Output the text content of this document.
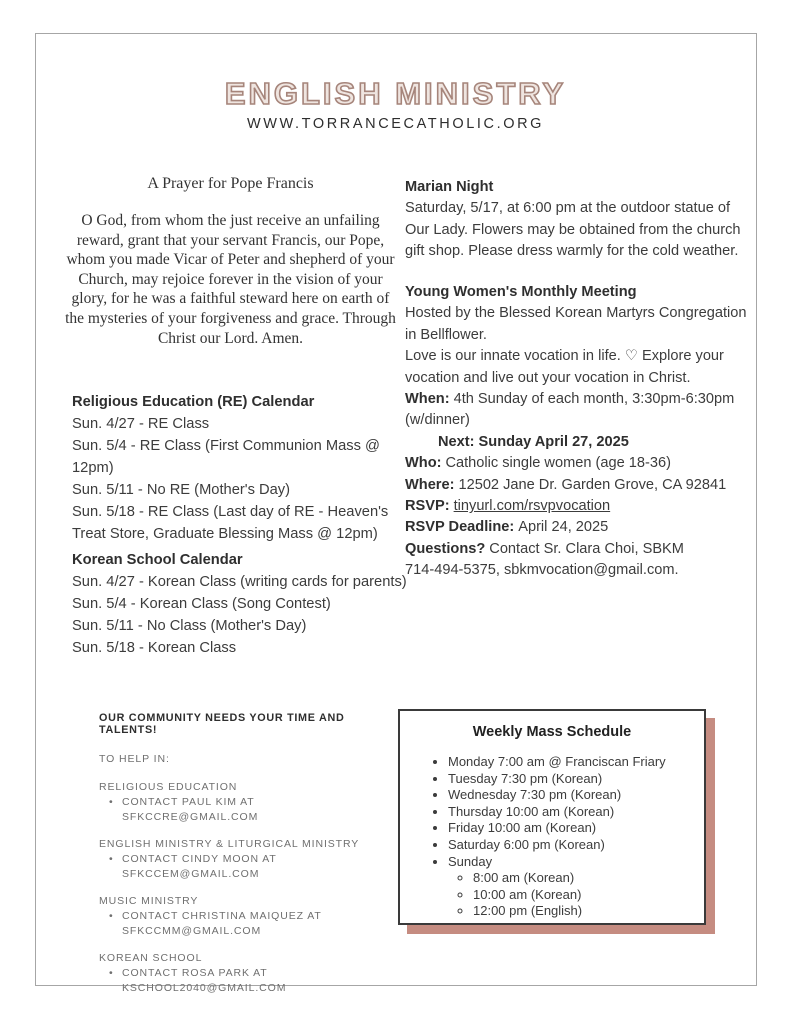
ENGLISH MINISTRY
WWW.TORRANCECATHOLIC.ORG
A Prayer for Pope Francis
O God, from whom the just receive an unfailing reward, grant that your servant Francis, our Pope, whom you made Vicar of Peter and shepherd of your Church, may rejoice forever in the vision of your glory, for he was a faithful steward here on earth of the mysteries of your forgiveness and grace. Through Christ our Lord. Amen.
Religious Education (RE) Calendar
Sun. 4/27 - RE Class
Sun. 5/4 - RE Class (First Communion Mass @ 12pm)
Sun. 5/11 - No RE (Mother's Day)
Sun. 5/18 - RE Class (Last day of RE - Heaven's Treat Store, Graduate Blessing Mass @ 12pm)
Korean School Calendar
Sun. 4/27 - Korean Class (writing cards for parents)
Sun. 5/4 - Korean Class (Song Contest)
Sun. 5/11 - No Class (Mother's Day)
Sun. 5/18 - Korean Class
OUR COMMUNITY NEEDS YOUR TIME AND TALENTS!
TO HELP IN:
RELIGIOUS EDUCATION
• CONTACT PAUL KIM AT SFKCCRE@GMAIL.COM
ENGLISH MINISTRY & LITURGICAL MINISTRY
• CONTACT CINDY MOON AT SFKCCEM@GMAIL.COM
MUSIC MINISTRY
• CONTACT CHRISTINA MAIQUEZ AT
SFKCCMM@GMAIL.COM
KOREAN SCHOOL
• CONTACT ROSA PARK AT
KSCHOOL2040@GMAIL.COM
Marian Night
Saturday, 5/17, at 6:00 pm at the outdoor statue of Our Lady. Flowers may be obtained from the church gift shop. Please dress warmly for the cold weather.
Young Women's Monthly Meeting
Hosted by the Blessed Korean Martyrs Congregation in Bellflower.
Love is our innate vocation in life. ♡ Explore your vocation and live out your vocation in Christ.
When: 4th Sunday of each month, 3:30pm-6:30pm (w/dinner)
Next: Sunday April 27, 2025
Who: Catholic single women (age 18-36)
Where: 12502 Jane Dr. Garden Grove, CA 92841
RSVP: tinyurl.com/rsvpvocation
RSVP Deadline: April 24, 2025
Questions? Contact Sr. Clara Choi, SBKM
714-494-5375, sbkmvocation@gmail.com.
Weekly Mass Schedule
• Monday 7:00 am @ Franciscan Friary
• Tuesday 7:30 pm (Korean)
• Wednesday 7:30 pm (Korean)
• Thursday 10:00 am (Korean)
• Friday 10:00 am (Korean)
• Saturday 6:00 pm (Korean)
• Sunday
◦ 8:00 am (Korean)
◦ 10:00 am (Korean)
◦ 12:00 pm (English)
